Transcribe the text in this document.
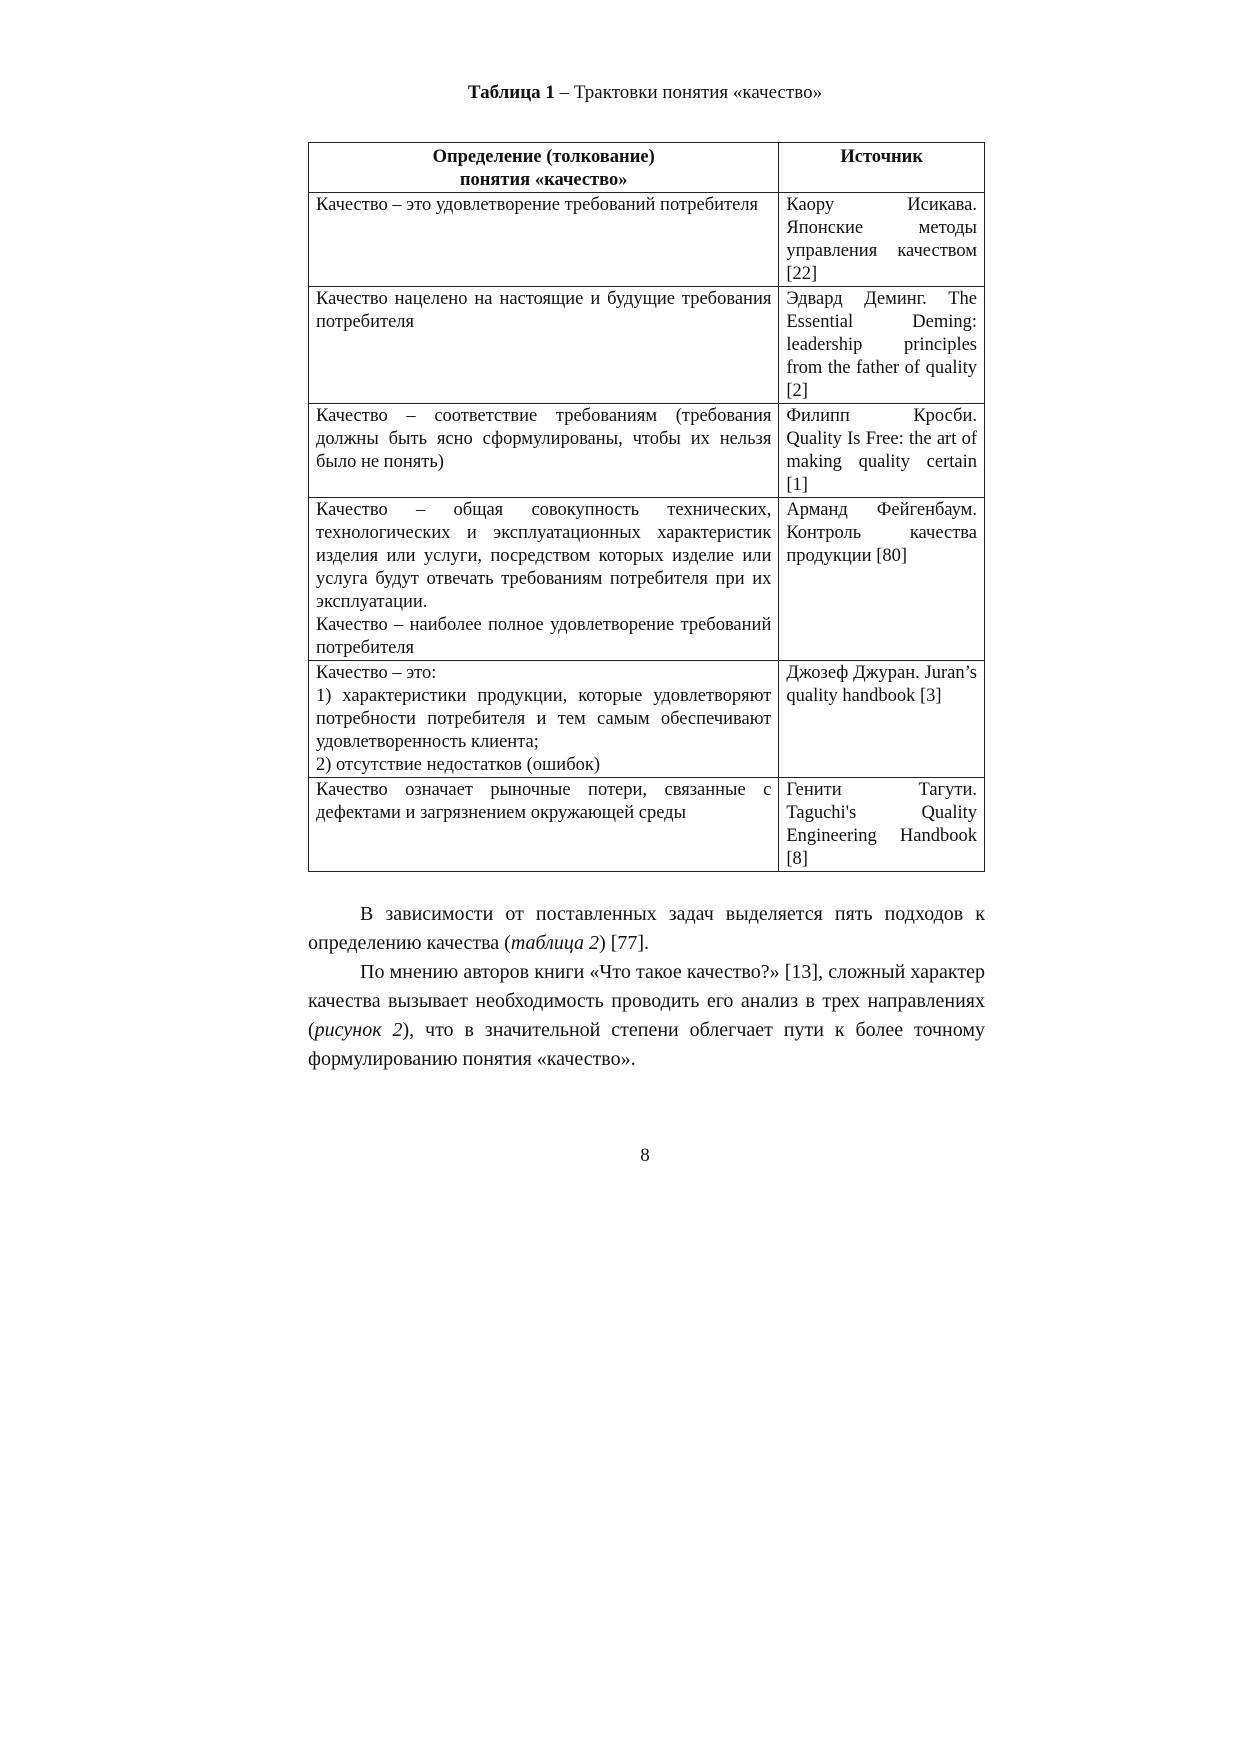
Таблица 1 – Трактовки понятия «качество»
Определение (толкование) понятия «качество»	Источник

Качество – это удовлетворение требований потребителя	Каору Исикава. Японские методы управления качеством [22]

Качество нацелено на настоящие и будущие требования потребителя	Эдвард Деминг. The Essential Deming: leadership principles from the father of quality [2]

Качество – соответствие требованиям (требования должны быть ясно сформулированы, чтобы их нельзя было не понять)	Филипп Кросби. Quality Is Free: the art of making quality certain [1]

Качество – общая совокупность технических, технологических и эксплуатационных характеристик изделия или услуги, посредством которых изделие или услуга будут отвечать требованиям потребителя при их эксплуатации.
Качество – наиболее полное удовлетворение требований потребителя	Арманд Фейгенбаум. Контроль качества продукции [80]

Качество – это:
1) характеристики продукции, которые удовлетворяют потребности потребителя и тем самым обеспечивают удовлетворенность клиента;
2) отсутствие недостатков (ошибок)	Джозеф Джуран. Juran’s quality handbook [3]

Качество означает рыночные потери, связанные с дефектами и загрязнением окружающей среды	Генити Тагути. Taguchi's Quality Engineering Handbook [8]

В зависимости от поставленных задач выделяется пять подходов к определению качества (таблица 2) [77].

По мнению авторов книги «Что такое качество?» [13], сложный характер качества вызывает необходимость проводить его анализ в трех направлениях (рисунок 2), что в значительной степени облегчает пути к более точному формулированию понятия «качество».

8
